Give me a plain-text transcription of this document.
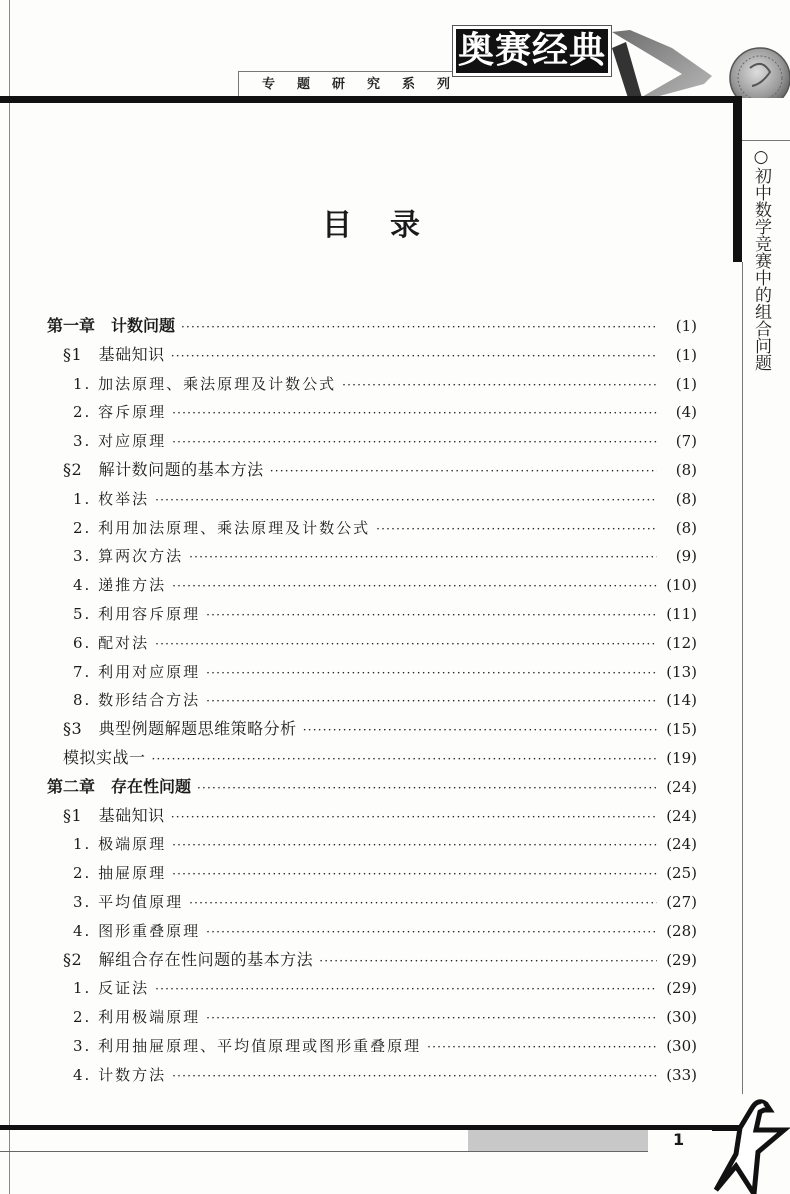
专题研究系列
奥赛经典
○初中数学竞赛中的组合问题
目录
第一章　计数问题 ·····	(1)
§1　基础知识 ·····	(1)
1. 加法原理、乘法原理及计数公式 ·····	(1)
2. 容斥原理 ·····	(4)
3. 对应原理 ·····	(7)
§2　解计数问题的基本方法 ·····	(8)
1. 枚举法 ·····	(8)
2. 利用加法原理、乘法原理及计数公式 ·····	(8)
3. 算两次方法 ·····	(9)
4. 递推方法 ·····	(10)
5. 利用容斥原理 ·····	(11)
6. 配对法 ·····	(12)
7. 利用对应原理 ·····	(13)
8. 数形结合方法 ·····	(14)
§3　典型例题解题思维策略分析 ·····	(15)
模拟实战一 ·····	(19)
第二章　存在性问题 ·····	(24)
§1　基础知识 ·····	(24)
1. 极端原理 ·····	(24)
2. 抽屉原理 ·····	(25)
3. 平均值原理 ·····	(27)
4. 图形重叠原理 ·····	(28)
§2　解组合存在性问题的基本方法 ·····	(29)
1. 反证法 ·····	(29)
2. 利用极端原理 ·····	(30)
3. 利用抽屉原理、平均值原理或图形重叠原理 ·····	(30)
4. 计数方法 ·····	(33)
1
